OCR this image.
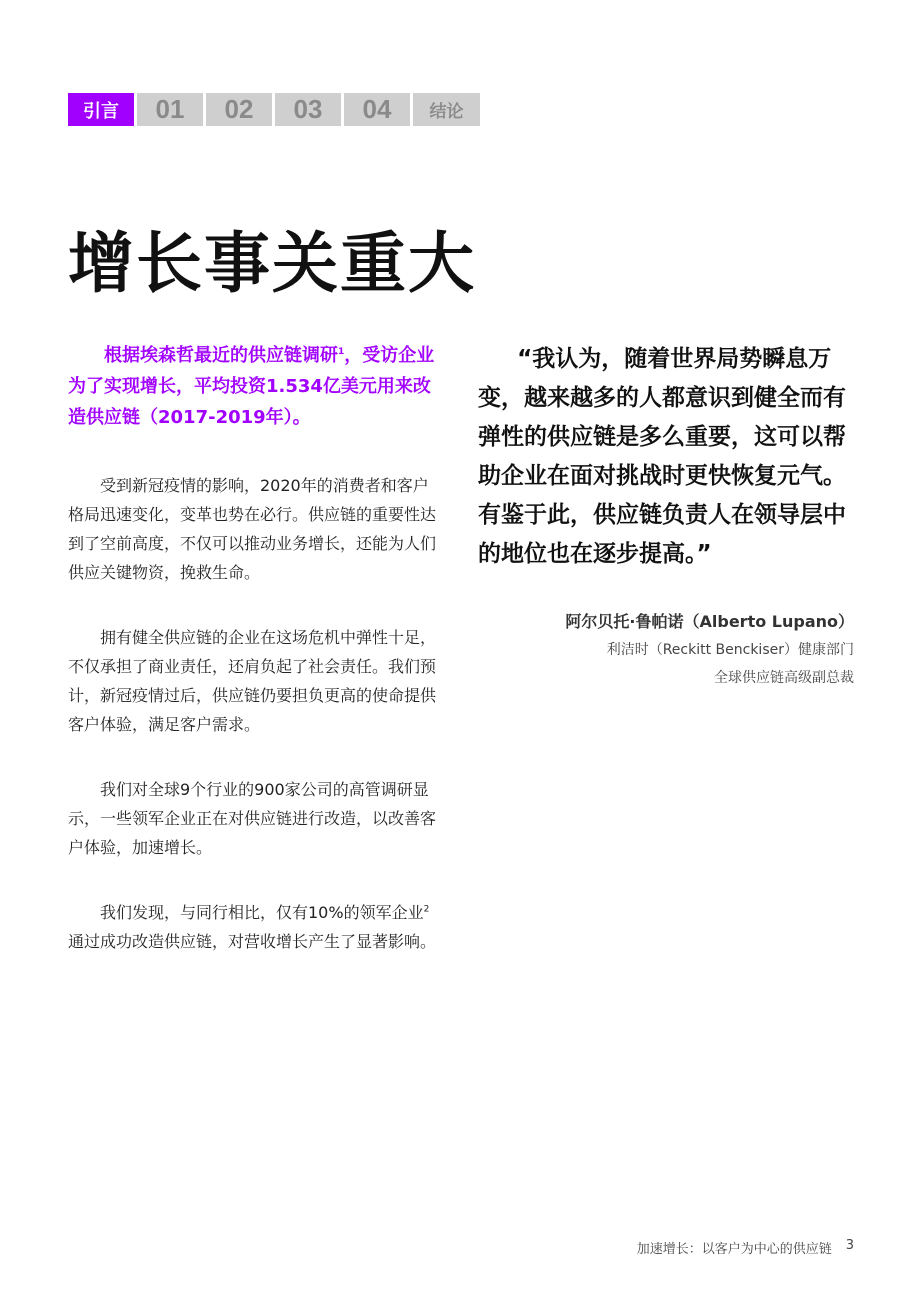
引言	01	02	03	04	结论
增长事关重大

根据埃森哲最近的供应链调研$^1$，受访企业为了实现增长，平均投资1.534亿美元用来改造供应链（2017-2019年）。

受到新冠疫情的影响，2020年的消费者和客户格局迅速变化，变革也势在必行。供应链的重要性达到了空前高度，不仅可以推动业务增长，还能为人们供应关键物资，挽救生命。

拥有健全供应链的企业在这场危机中弹性十足，不仅承担了商业责任，还肩负起了社会责任。我们预计，新冠疫情过后，供应链仍要担负更高的使命提供客户体验，满足客户需求。

我们对全球9个行业的900家公司的高管调研显示，一些领军企业正在对供应链进行改造，以改善客户体验，加速增长。

我们发现，与同行相比，仅有10%的领军企业$^2$通过成功改造供应链，对营收增长产生了显著影响。

“我认为，随着世界局势瞬息万变，越来越多的人都意识到健全而有弹性的供应链是多么重要，这可以帮助企业在面对挑战时更快恢复元气。有鉴于此，供应链负责人在领导层中的地位也在逐步提高。”

阿尔贝托·鲁帕诺（Alberto Lupano）
利洁时（Reckitt Benckiser）健康部门
全球供应链高级副总裁
加速增长：以客户为中心的供应链 3
